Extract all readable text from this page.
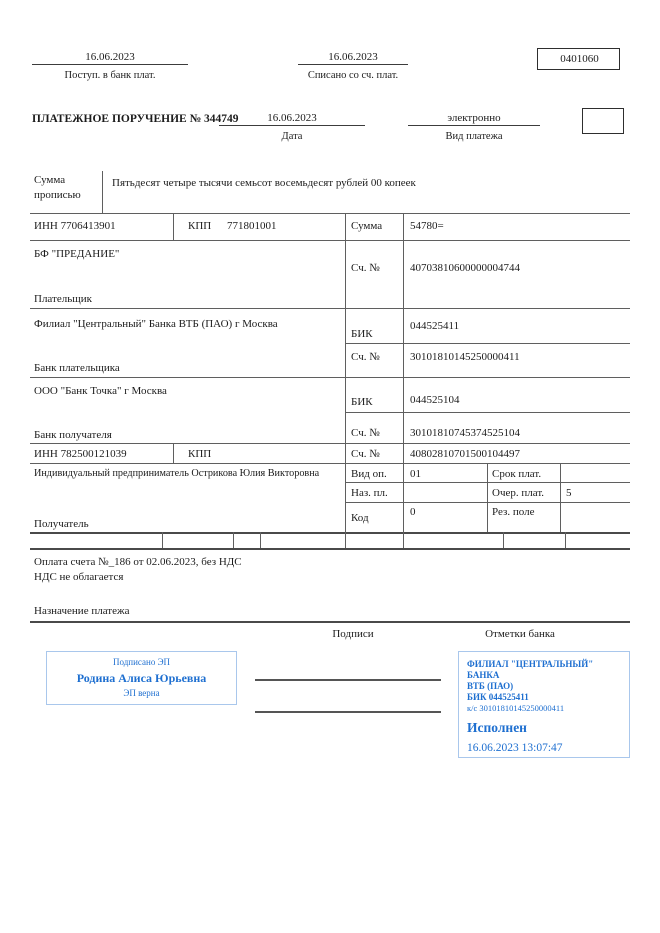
16.06.2023
Поступ. в банк плат.
16.06.2023
Списано со сч. плат.
0401060
ПЛАТЕЖНОЕ ПОРУЧЕНИЕ № 344749	16.06.2023
Дата
электронно
Вид платежа
Сумма
прописью
Пятьдесят четыре тысячи семьсот восемьдесят рублей 00 копеек
ИНН 7706413901	КПП 771801001	Сумма	54780=
БФ "ПРЕДАНИЕ"
Плательщик
Сч. №	40703810600000004744
Филиал "Центральный" Банка ВТБ (ПАО) г Москва
Банк плательщика
БИК
044525411
Сч. №	30101810145250000411
ООО "Банк Точка" г Москва
Банк получателя
БИК	044525104
Сч. №	30101810745374525104
ИНН 782500121039	КПП	Сч. №	40802810701500104497
Индивидуальный предприниматель Острикова Юлия Викторовна
Получатель
Вид оп. 01	Срок плат.
Наз. пл.	Очер. плат. 5
Код	0	Рез. поле
Оплата счета №_186 от 02.06.2023, без НДС
НДС не облагается
Назначение платежа
Подписи	Отметки банка
Подписано ЭП
Родина Алиса Юрьевна
ЭП верна
ФИЛИАЛ "ЦЕНТРАЛЬНЫЙ" БАНКА
ВТБ (ПАО)
БИК 044525411
к/с 30101810145250000411
Исполнен
16.06.2023 13:07:47
